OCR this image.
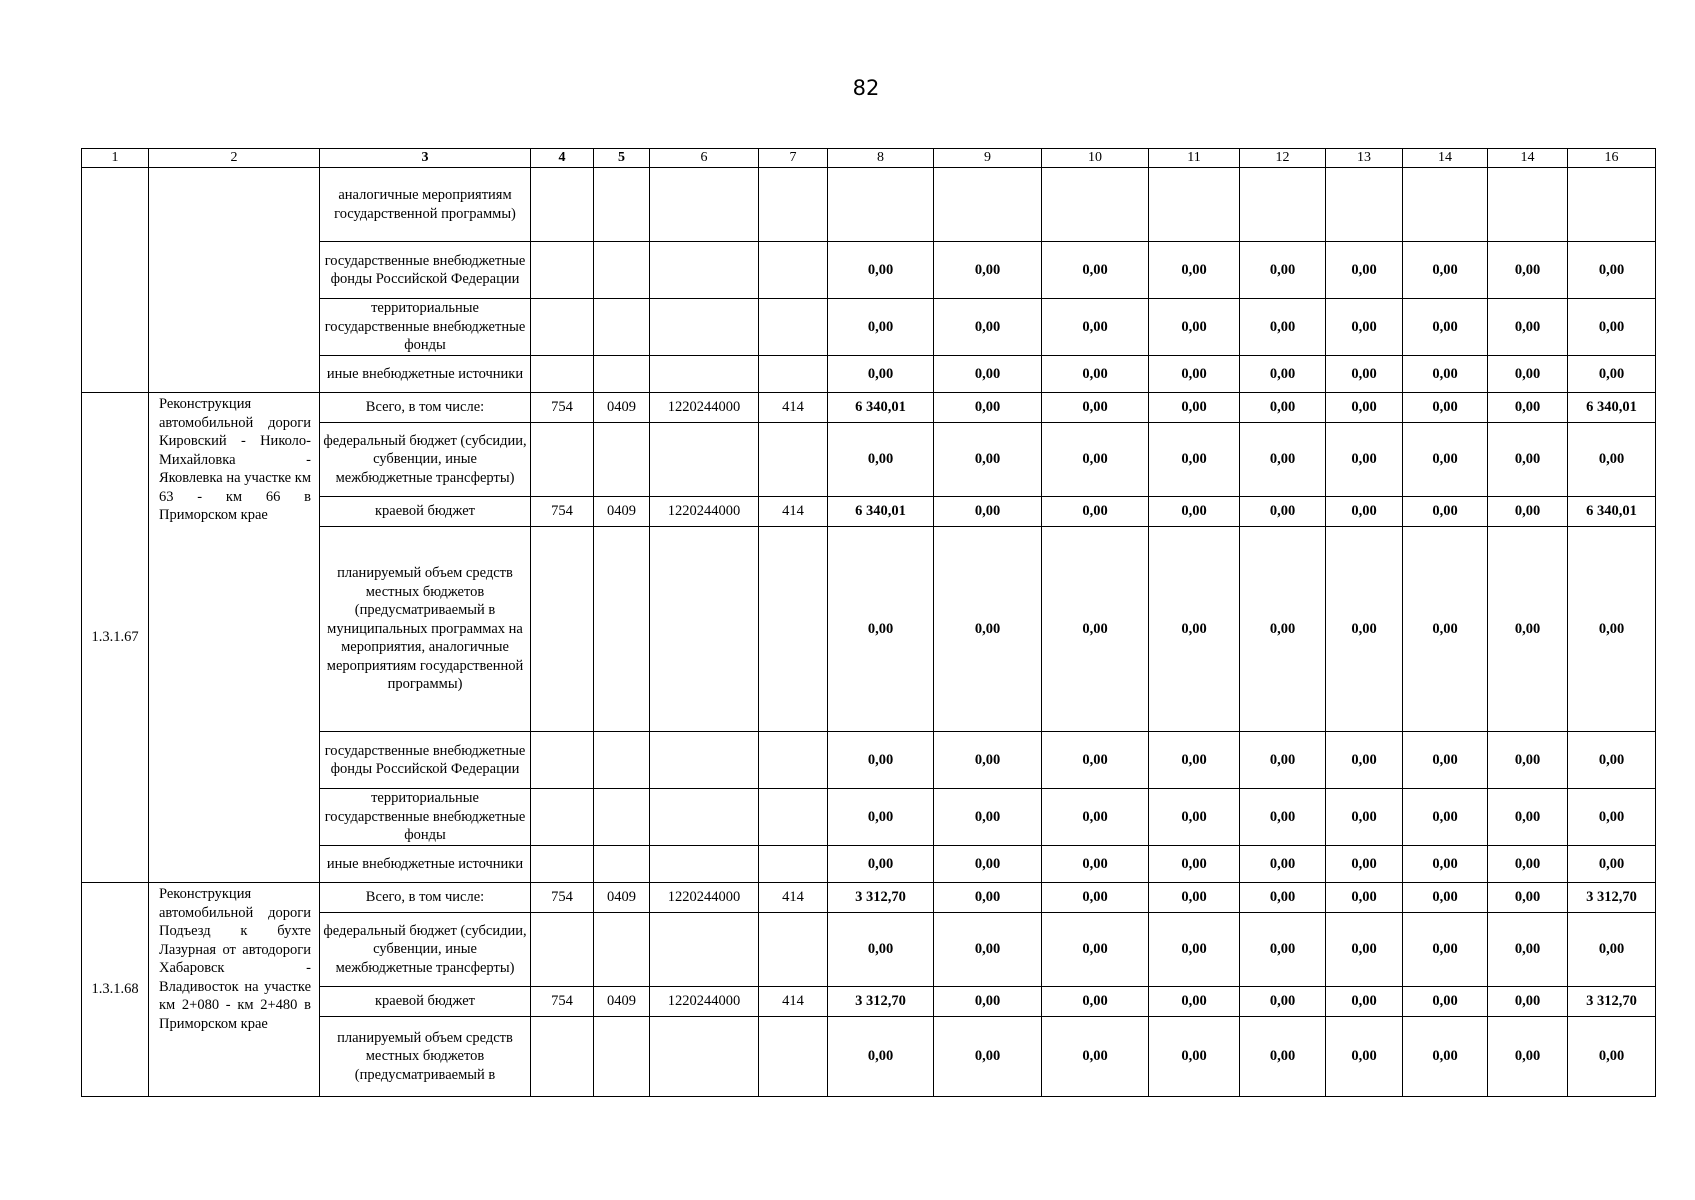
82
1	2	3	4	5	6	7	8	9	10	11	12	13	14	14	16
		аналогичные мероприятиям государственной программы)													
		государственные внебюджетные фонды Российской Федерации					0,00	0,00	0,00	0,00	0,00	0,00	0,00	0,00	0,00
		территориальные государственные внебюджетные фонды					0,00	0,00	0,00	0,00	0,00	0,00	0,00	0,00	0,00
		иные внебюджетные источники					0,00	0,00	0,00	0,00	0,00	0,00	0,00	0,00	0,00
1.3.1.67	Реконструкция автомобильной дороги Кировский - Николо-Михайловка - Яковлевка на участке км 63 - км 66 в Приморском крае	Всего, в том числе:	754	0409	1220244000	414	6 340,01	0,00	0,00	0,00	0,00	0,00	0,00	0,00	6 340,01
		федеральный бюджет (субсидии, субвенции, иные межбюджетные трансферты)					0,00	0,00	0,00	0,00	0,00	0,00	0,00	0,00	0,00
		краевой бюджет	754	0409	1220244000	414	6 340,01	0,00	0,00	0,00	0,00	0,00	0,00	0,00	6 340,01
		планируемый объем средств местных бюджетов (предусматриваемый в муниципальных программах на мероприятия, аналогичные мероприятиям государственной программы)					0,00	0,00	0,00	0,00	0,00	0,00	0,00	0,00	0,00
		государственные внебюджетные фонды Российской Федерации					0,00	0,00	0,00	0,00	0,00	0,00	0,00	0,00	0,00
		территориальные государственные внебюджетные фонды					0,00	0,00	0,00	0,00	0,00	0,00	0,00	0,00	0,00
		иные внебюджетные источники					0,00	0,00	0,00	0,00	0,00	0,00	0,00	0,00	0,00
1.3.1.68	Реконструкция автомобильной дороги Подъезд к бухте Лазурная от автодороги Хабаровск - Владивосток на участке км 2+080 - км 2+480 в Приморском крае	Всего, в том числе:	754	0409	1220244000	414	3 312,70	0,00	0,00	0,00	0,00	0,00	0,00	0,00	3 312,70
		федеральный бюджет (субсидии, субвенции, иные межбюджетные трансферты)					0,00	0,00	0,00	0,00	0,00	0,00	0,00	0,00	0,00
		краевой бюджет	754	0409	1220244000	414	3 312,70	0,00	0,00	0,00	0,00	0,00	0,00	0,00	3 312,70
		планируемый объем средств местных бюджетов (предусматриваемый в					0,00	0,00	0,00	0,00	0,00	0,00	0,00	0,00	0,00
